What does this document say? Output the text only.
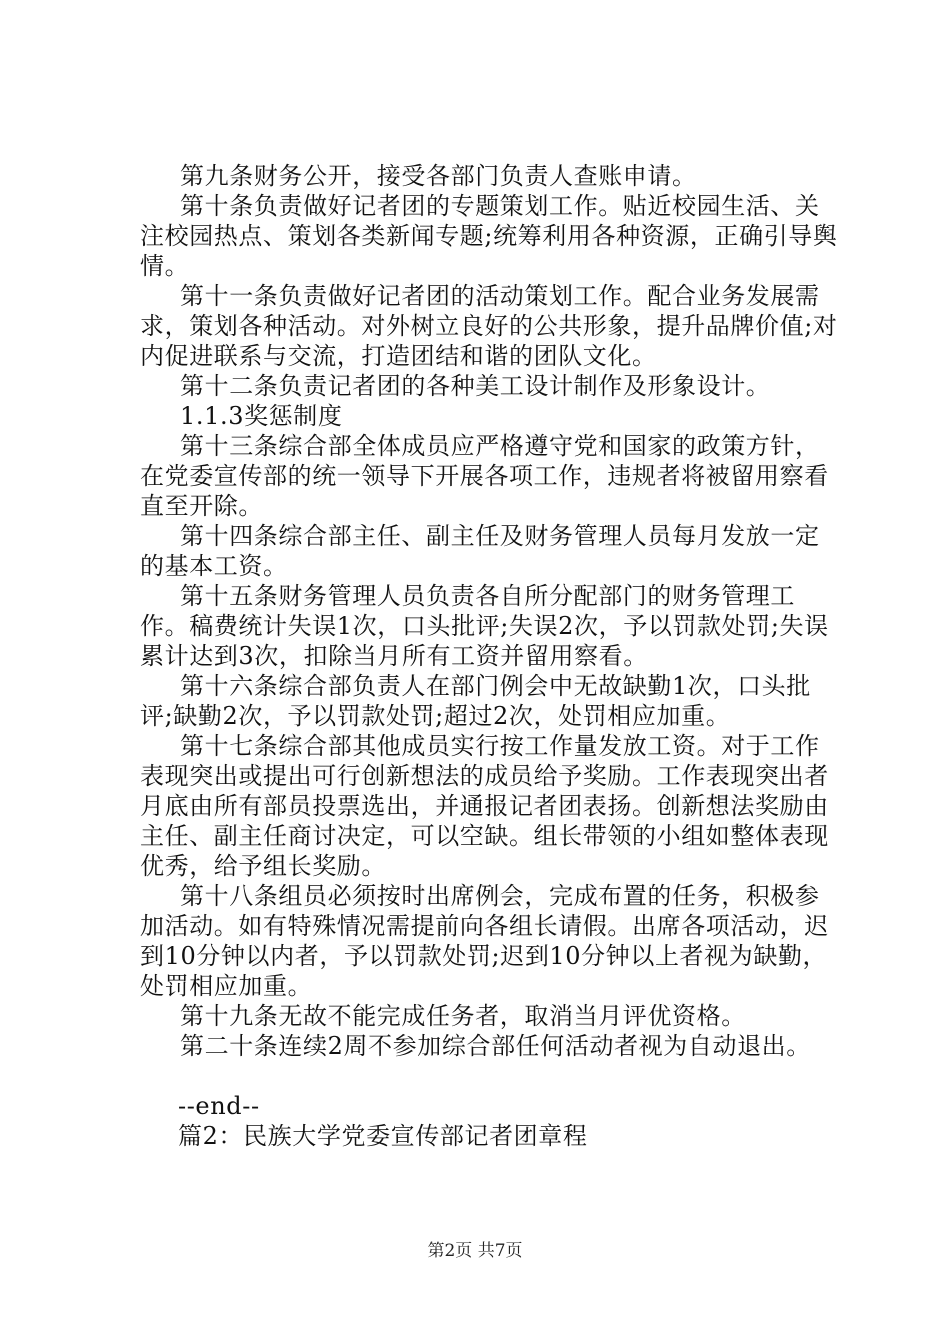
第九条财务公开，接受各部门负责人查账申请。

第十条负责做好记者团的专题策划工作。贴近校园生活、关注校园热点、策划各类新闻专题;统筹利用各种资源，正确引导舆情。

第十一条负责做好记者团的活动策划工作。配合业务发展需求，策划各种活动。对外树立良好的公共形象，提升品牌价值;对内促进联系与交流，打造团结和谐的团队文化。

第十二条负责记者团的各种美工设计制作及形象设计。

1.1.3奖惩制度

第十三条综合部全体成员应严格遵守党和国家的政策方针，在党委宣传部的统一领导下开展各项工作，违规者将被留用察看直至开除。

第十四条综合部主任、副主任及财务管理人员每月发放一定的基本工资。

第十五条财务管理人员负责各自所分配部门的财务管理工作。稿费统计失误1次，口头批评;失误2次，予以罚款处罚;失误累计达到3次，扣除当月所有工资并留用察看。

第十六条综合部负责人在部门例会中无故缺勤1次，口头批评;缺勤2次，予以罚款处罚;超过2次，处罚相应加重。

第十七条综合部其他成员实行按工作量发放工资。对于工作表现突出或提出可行创新想法的成员给予奖励。工作表现突出者月底由所有部员投票选出，并通报记者团表扬。创新想法奖励由主任、副主任商讨决定，可以空缺。组长带领的小组如整体表现优秀，给予组长奖励。

第十八条组员必须按时出席例会，完成布置的任务，积极参加活动。如有特殊情况需提前向各组长请假。出席各项活动，迟到10分钟以内者，予以罚款处罚;迟到10分钟以上者视为缺勤，处罚相应加重。

第十九条无故不能完成任务者，取消当月评优资格。

第二十条连续2周不参加综合部任何活动者视为自动退出。

--end--

篇2：民族大学党委宣传部记者团章程

第2页 共7页
